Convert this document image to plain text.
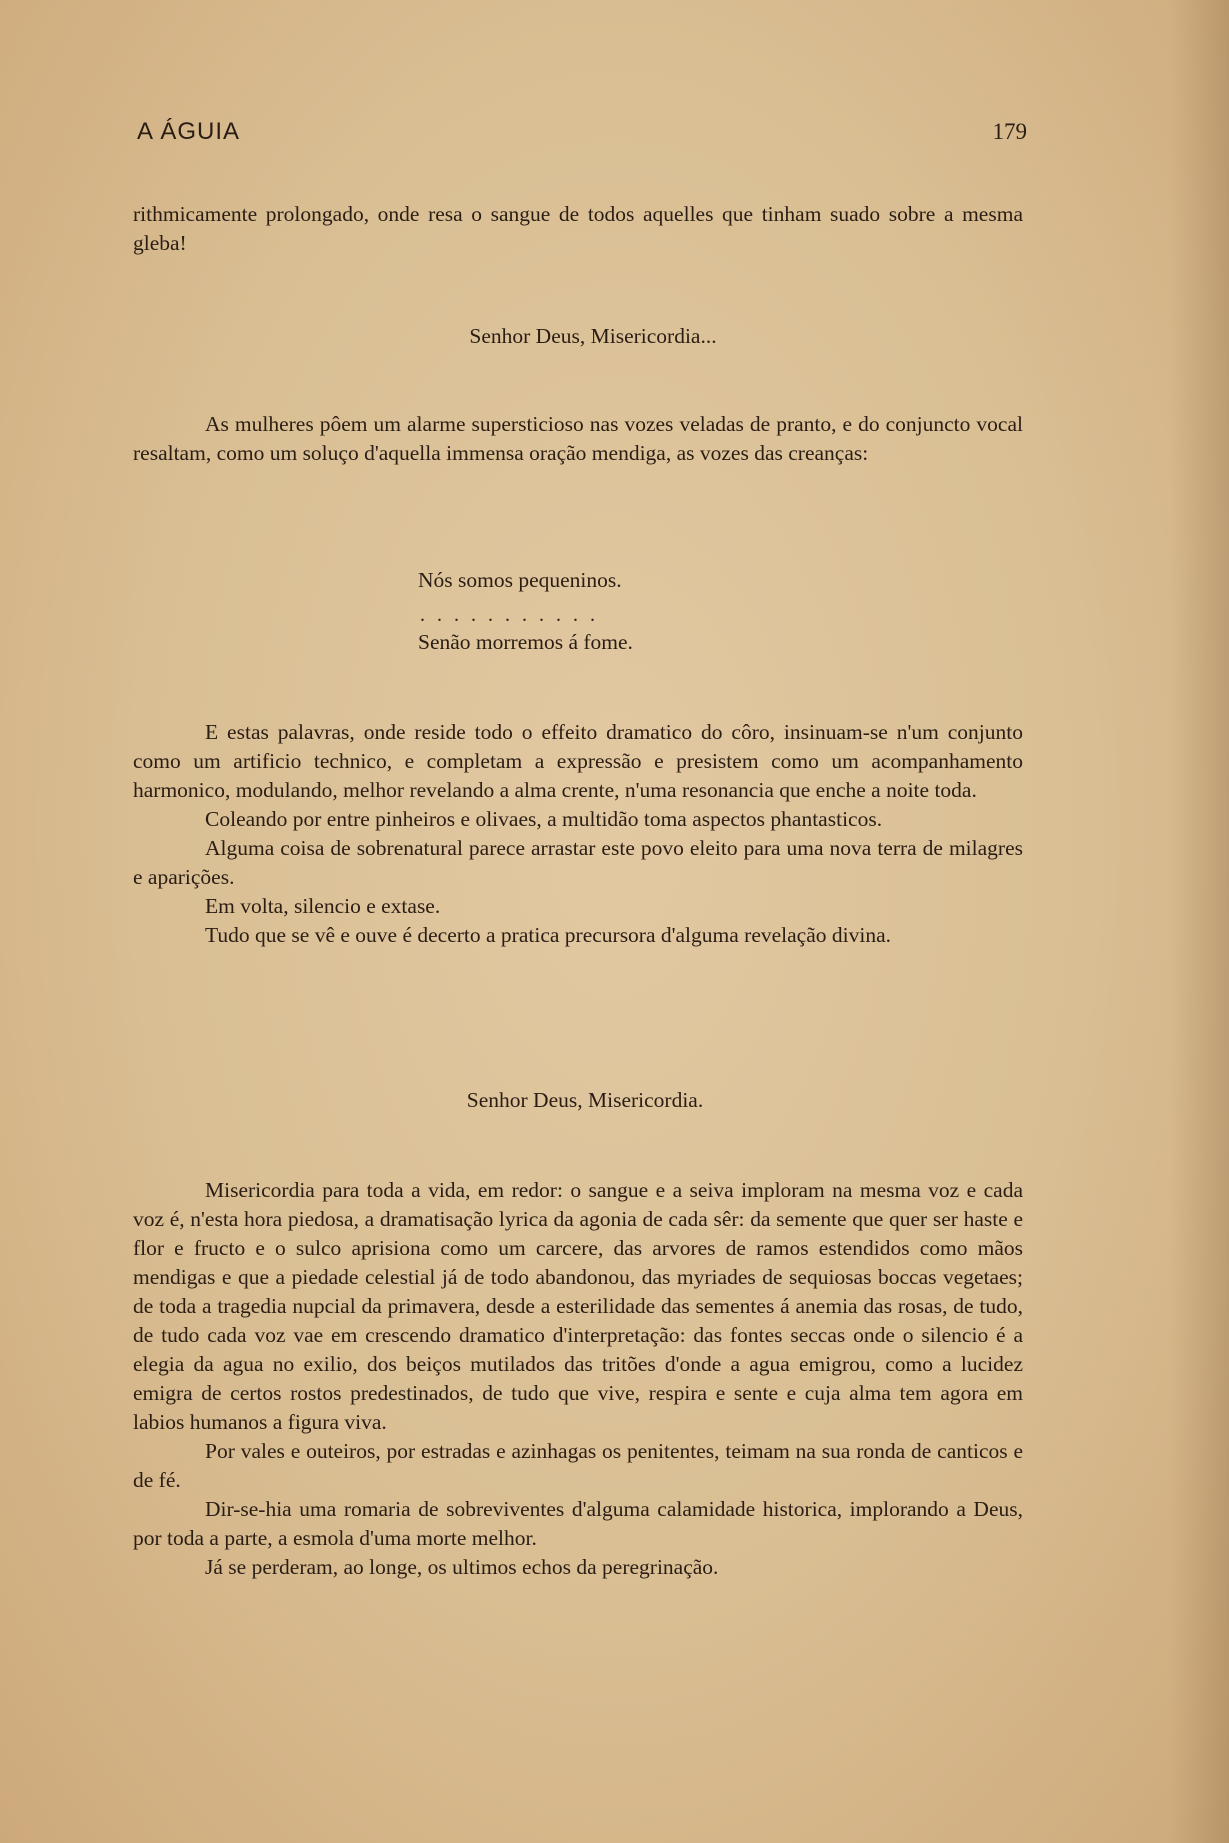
A ÁGUIA	179

rithmicamente prolongado, onde resa o sangue de todos aquelles que tinham suado sobre a mesma gleba!

Senhor Deus, Misericordia...

As mulheres pôem um alarme supersticioso nas vozes veladas de pranto, e do conjuncto vocal resaltam, como um soluço d'aquella immensa oração mendiga, as vozes das creanças:

Nós somos pequeninos.
...........
Senão morremos á fome.

E estas palavras, onde reside todo o effeito dramatico do côro, insinuam-se n'um conjunto como um artificio technico, e completam a expressão e presistem como um acompanhamento harmonico, modulando, melhor revelando a alma crente, n'uma resonancia que enche a noite toda.

Coleando por entre pinheiros e olivaes, a multidão toma aspectos phantasticos.

Alguma coisa de sobrenatural parece arrastar este povo eleito para uma nova terra de milagres e aparições.

Em volta, silencio e extase.

Tudo que se vê e ouve é decerto a pratica precursora d'alguma revelação divina.

Senhor Deus, Misericordia.

Misericordia para toda a vida, em redor: o sangue e a seiva imploram na mesma voz e cada voz é, n'esta hora piedosa, a dramatisação lyrica da agonia de cada sêr: da semente que quer ser haste e flor e fructo e o sulco aprisiona como um carcere, das arvores de ramos estendidos como mãos mendigas e que a piedade celestial já de todo abandonou, das myriades de sequiosas boccas vegetaes; de toda a tragedia nupcial da primavera, desde a esterilidade das sementes á anemia das rosas, de tudo, de tudo cada voz vae em crescendo dramatico d'interpretação: das fontes seccas onde o silencio é a elegia da agua no exilio, dos beiços mutilados das tritões d'onde a agua emigrou, como a lucidez emigra de certos rostos predestinados, de tudo que vive, respira e sente e cuja alma tem agora em labios humanos a figura viva.

Por vales e outeiros, por estradas e azinhagas os penitentes, teimam na sua ronda de canticos e de fé.

Dir-se-hia uma romaria de sobreviventes d'alguma calamidade historica, implorando a Deus, por toda a parte, a esmola d'uma morte melhor.

Já se perderam, ao longe, os ultimos echos da peregrinação.
